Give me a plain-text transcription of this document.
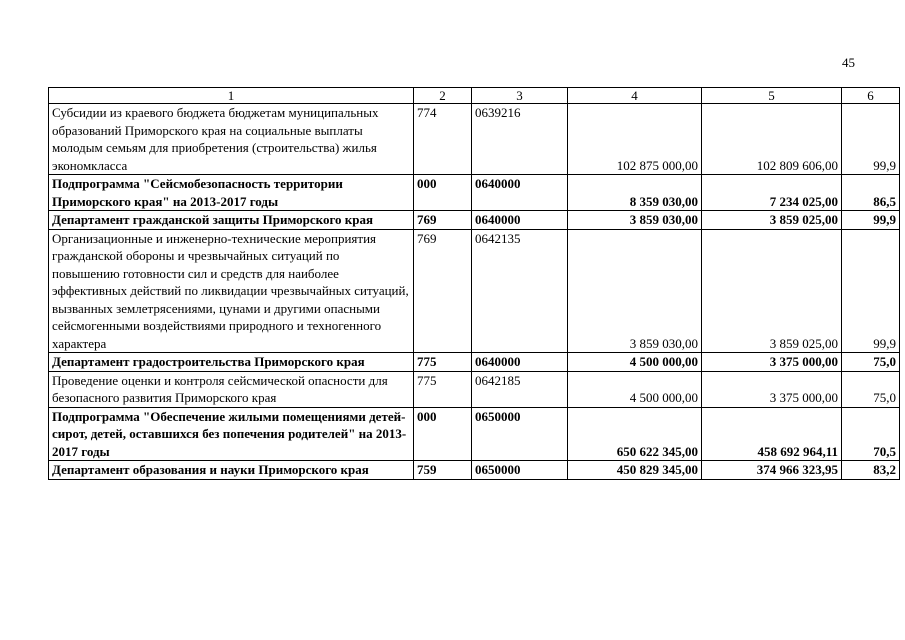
45
1	2	3	4	5	6
Субсидии из краевого бюджета бюджетам муниципальных образований Приморского края на социальные выплаты молодым семьям для приобретения (строительства) жилья экономкласса	774	0639216	102 875 000,00	102 809 606,00	99,9
Подпрограмма "Сейсмобезопасность территории Приморского края" на 2013-2017 годы	000	0640000	8 359 030,00	7 234 025,00	86,5
Департамент гражданской защиты Приморского края	769	0640000	3 859 030,00	3 859 025,00	99,9
Организационные и инженерно-технические мероприятия гражданской обороны и чрезвычайных ситуаций по повышению готовности сил и средств для наиболее эффективных действий по ликвидации чрезвычайных ситуаций, вызванных землетрясениями, цунами и другими опасными сейсмогенными воздействиями природного и техногенного характера	769	0642135	3 859 030,00	3 859 025,00	99,9
Департамент градостроительства Приморского края	775	0640000	4 500 000,00	3 375 000,00	75,0
Проведение оценки и контроля сейсмической опасности для безопасного развития Приморского края	775	0642185	4 500 000,00	3 375 000,00	75,0
Подпрограмма "Обеспечение жилыми помещениями детей-сирот, детей, оставшихся без попечения родителей" на 2013-2017 годы	000	0650000	650 622 345,00	458 692 964,11	70,5
Департамент образования и науки Приморского края	759	0650000	450 829 345,00	374 966 323,95	83,2
